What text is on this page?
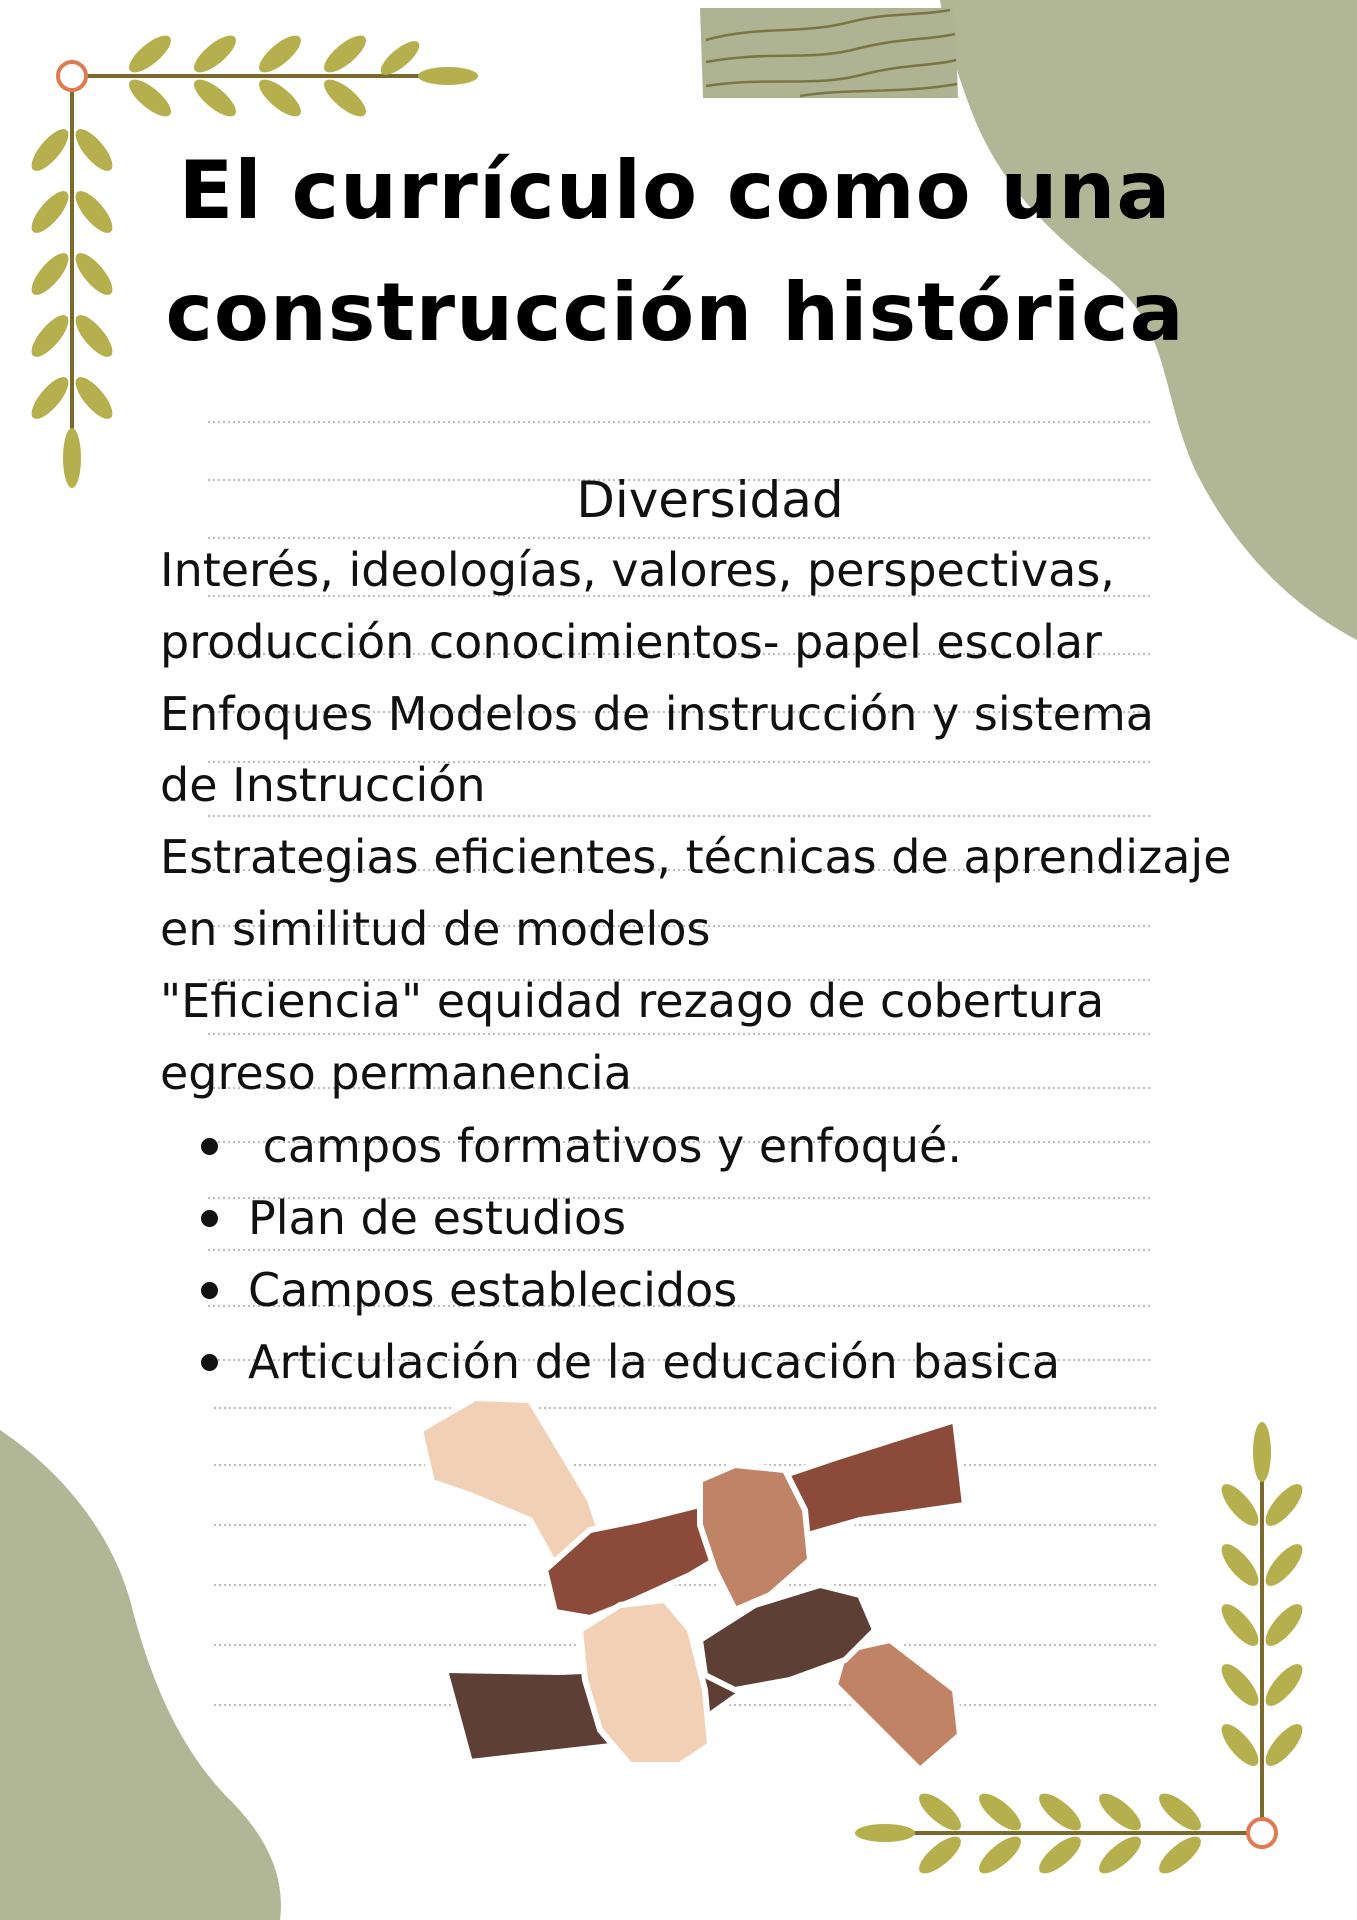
El currículo como una
construcción histórica
Diversidad
Interés, ideologías, valores, perspectivas,
producción conocimientos- papel escolar
Enfoques Modelos de instrucción y sistema
de Instrucción
Estrategias eficientes, técnicas de aprendizaje
en similitud de modelos
"Eficiencia" equidad rezago de cobertura
egreso permanencia
campos formativos y enfoqué.
Plan de estudios
Campos establecidos
Articulación de la educación basica
